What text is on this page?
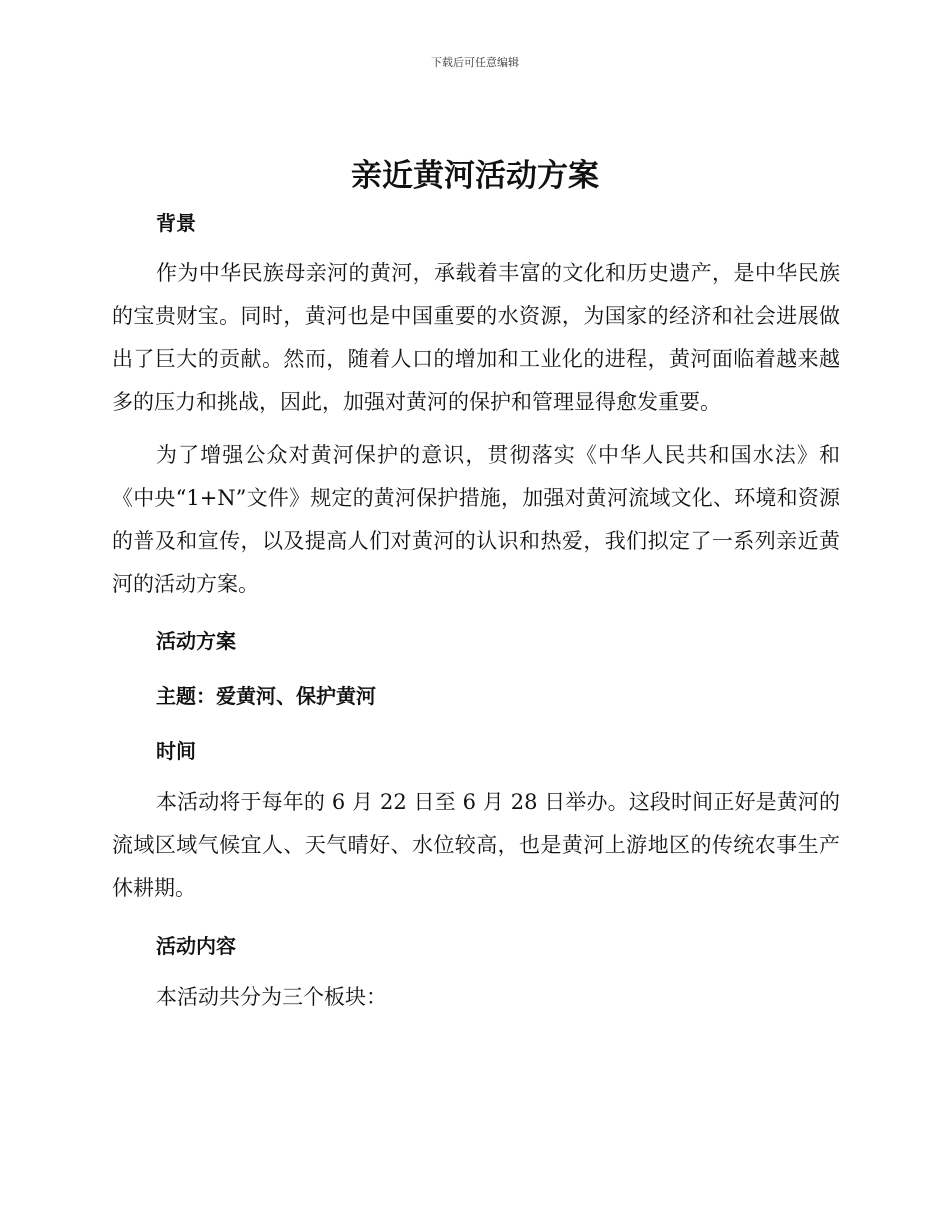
下载后可任意编辑
亲近黄河活动方案
背景

作为中华民族母亲河的黄河，承载着丰富的文化和历史遗产，是中华民族的宝贵财宝。同时，黄河也是中国重要的水资源，为国家的经济和社会进展做出了巨大的贡献。然而，随着人口的增加和工业化的进程，黄河面临着越来越多的压力和挑战，因此，加强对黄河的保护和管理显得愈发重要。

为了增强公众对黄河保护的意识，贯彻落实《中华人民共和国水法》和《中央“1+N”文件》规定的黄河保护措施，加强对黄河流域文化、环境和资源的普及和宣传，以及提高人们对黄河的认识和热爱，我们拟定了一系列亲近黄河的活动方案。

活动方案
主题：爱黄河、保护黄河
时间

本活动将于每年的 6 月 22 日至 6 月 28 日举办。这段时间正好是黄河的流域区域气候宜人、天气晴好、水位较高，也是黄河上游地区的传统农事生产休耕期。

活动内容

本活动共分为三个板块：
